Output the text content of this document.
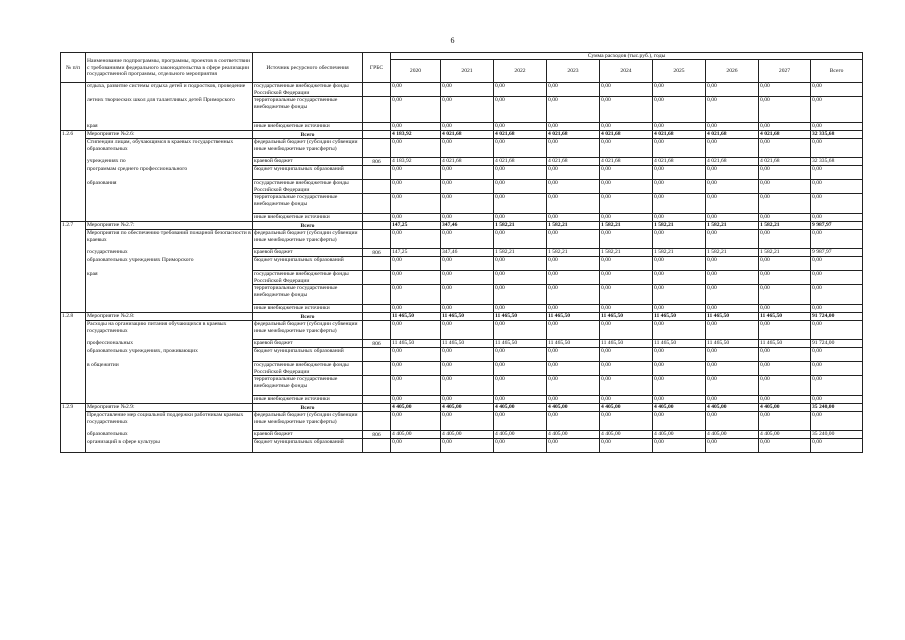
6
№ п/п	Наименование подпрограммы, программы, проектов в соответствии с требованиями федерального законодательства в сфере реализации государственной программы, отдельного мероприятия	Источник ресурсного обеспечения	ГРБС	Сумма расходов (тыс.руб.), годы								
				2020	2021	2022	2023	2024	2025	2026	2027	Всего
	отдыха, развитие системы отдыха детей и подростков, проведение	государственные внебюджетные фонды Российской Федерации		0,00	0,00	0,00	0,00	0,00	0,00	0,00	0,00	0,00
	летних творческих школ для талантливых детей Приморского	территориальные государственные внебюджетные фонды		0,00	0,00	0,00	0,00	0,00	0,00	0,00	0,00	0,00
	края	иные внебюджетные источники		0,00	0,00	0,00	0,00	0,00	0,00	0,00	0,00	0,00
1.2.6	Мероприятие №2.6:	Всего		4 183,92	4 021,68	4 021,68	4 021,68	4 021,68	4 021,68	4 021,68	4 021,68	32 335,68
	Стипендии лицам, обучающимся в краевых государственных образовательных	федеральный бюджет (субсидии субвенции иные межбюджетные трансферты)		0,00	0,00	0,00	0,00	0,00	0,00	0,00	0,00	0,00
	учреждениях по	краевой бюджет	806	4 183,92	4 021,68	4 021,68	4 021,68	4 021,68	4 021,68	4 021,68	4 021,68	32 335,68
	программам среднего профессионального	бюджет муниципальных образований		0,00	0,00	0,00	0,00	0,00	0,00	0,00	0,00	0,00
	образования	государственные внебюджетные фонды Российской Федерации		0,00	0,00	0,00	0,00	0,00	0,00	0,00	0,00	0,00
		территориальные государственные внебюджетные фонды		0,00	0,00	0,00	0,00	0,00	0,00	0,00	0,00	0,00
		иные внебюджетные источники		0,00	0,00	0,00	0,00	0,00	0,00	0,00	0,00	0,00
1.2.7	Мероприятие №2.7:	Всего		147,25	347,46	1 582,21	1 582,21	1 582,21	1 582,21	1 582,21	1 582,21	9 987,97
	Мероприятия по обеспечению требований пожарной безопасности в краевых	федеральный бюджет (субсидии субвенции иные межбюджетные трансферты)		0,00	0,00	0,00	0,00	0,00	0,00	0,00	0,00	0,00
	государственных	краевой бюджет	806	147,25	347,46	1 582,21	1 582,21	1 582,21	1 582,21	1 582,21	1 582,21	9 987,97
	образовательных учреждениях Приморского	бюджет муниципальных образований		0,00	0,00	0,00	0,00	0,00	0,00	0,00	0,00	0,00
	края	государственные внебюджетные фонды Российской Федерации		0,00	0,00	0,00	0,00	0,00	0,00	0,00	0,00	0,00
		территориальные государственные внебюджетные фонды		0,00	0,00	0,00	0,00	0,00	0,00	0,00	0,00	0,00
		иные внебюджетные источники		0,00	0,00	0,00	0,00	0,00	0,00	0,00	0,00	0,00
1.2.8	Мероприятие №2.8:	Всего		11 465,50	11 465,50	11 465,50	11 465,50	11 465,50	11 465,50	11 465,50	11 465,50	91 724,00
	Расходы на организацию питания обучающихся в краевых государственных	федеральный бюджет (субсидии субвенции иные межбюджетные трансферты)		0,00	0,00	0,00	0,00	0,00	0,00	0,00	0,00	0,00
	профессиональных	краевой бюджет	806	11 465,50	11 465,50	11 465,50	11 465,50	11 465,50	11 465,50	11 465,50	11 465,50	91 724,00
	образовательных учреждениях, проживающих	бюджет муниципальных образований		0,00	0,00	0,00	0,00	0,00	0,00	0,00	0,00	0,00
	в общежитии	государственные внебюджетные фонды Российской Федерации		0,00	0,00	0,00	0,00	0,00	0,00	0,00	0,00	0,00
		территориальные государственные внебюджетные фонды		0,00	0,00	0,00	0,00	0,00	0,00	0,00	0,00	0,00
		иные внебюджетные источники		0,00	0,00	0,00	0,00	0,00	0,00	0,00	0,00	0,00
1.2.9	Мероприятие №2.9:	Всего		4 405,00	4 405,00	4 405,00	4 405,00	4 405,00	4 405,00	4 405,00	4 405,00	35 240,00
	Предоставление мер социальной поддержки работникам краевых государственных	федеральный бюджет (субсидии субвенции иные межбюджетные трансферты)		0,00	0,00	0,00	0,00	0,00	0,00	0,00	0,00	0,00
	образовательных	краевой бюджет	806	4 405,00	4 405,00	4 405,00	4 405,00	4 405,00	4 405,00	4 405,00	4 405,00	35 240,00
	организаций в сфере культуры	бюджет муниципальных образований		0,00	0,00	0,00	0,00	0,00	0,00	0,00	0,00	0,00
